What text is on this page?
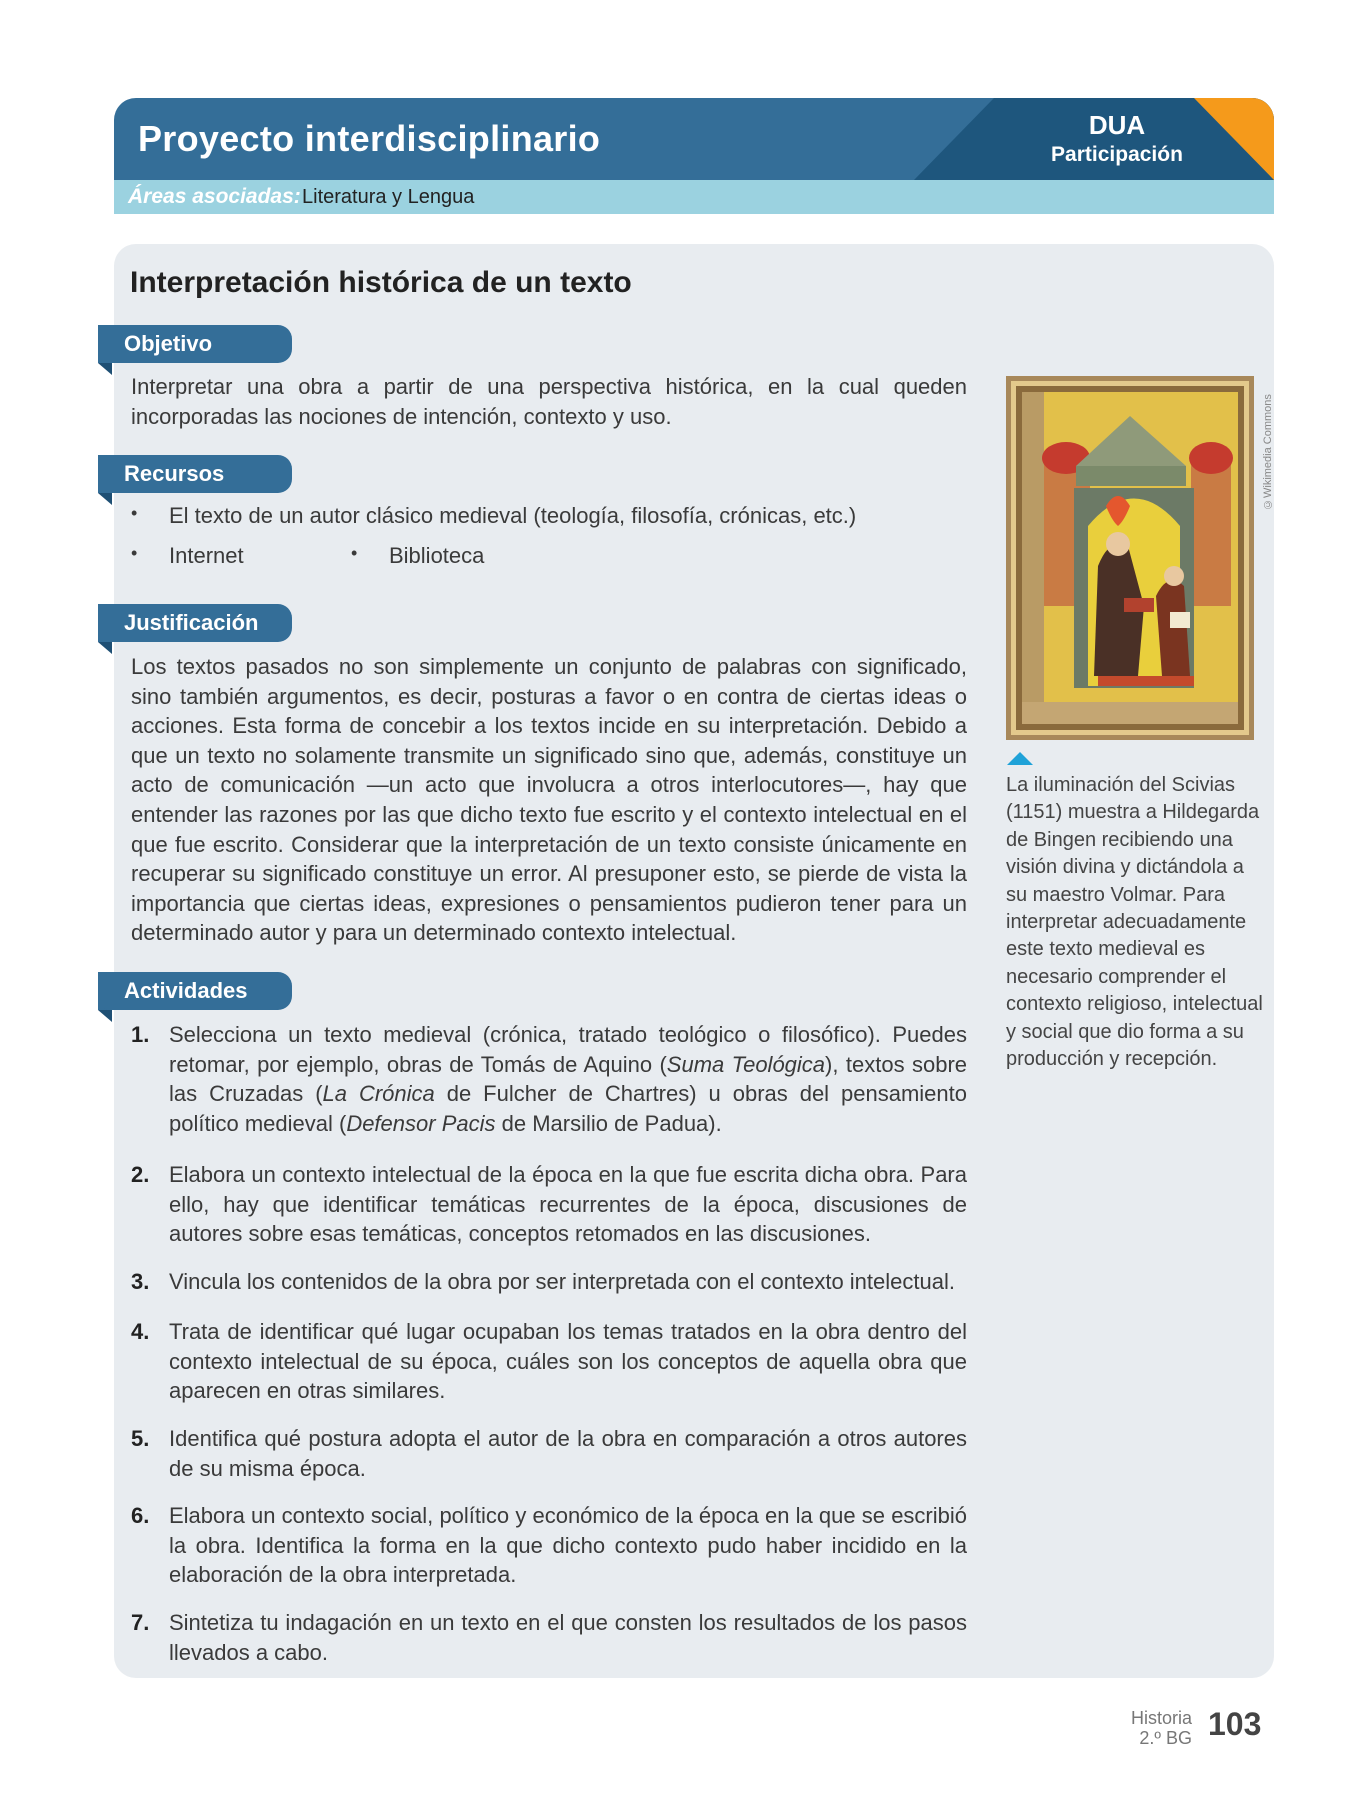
Proyecto interdisciplinario	DUA
Participación
Áreas asociadas: Literatura y Lengua
Interpretación histórica de un texto
Objetivo
Interpretar una obra a partir de una perspectiva histórica, en la cual queden incorporadas las nociones de intención, contexto y uso.
Recursos
• El texto de un autor clásico medieval (teología, filosofía, crónicas, etc.)
• Internet	• Biblioteca
Justificación
Los textos pasados no son simplemente un conjunto de palabras con significado, sino también argumentos, es decir, posturas a favor o en contra de ciertas ideas o acciones. Esta forma de concebir a los textos incide en su interpretación. Debido a que un texto no solamente transmite un significado sino que, además, constituye un acto de comunicación —un acto que involucra a otros interlocutores—, hay que entender las razones por las que dicho texto fue escrito y el contexto intelectual en el que fue escrito. Considerar que la interpretación de un texto consiste únicamente en recuperar su significado constituye un error. Al presuponer esto, se pierde de vista la importancia que ciertas ideas, expresiones o pensamientos pudieron tener para un determinado autor y para un determinado contexto intelectual.
Actividades
1. Selecciona un texto medieval (crónica, tratado teológico o filosófico). Puedes retomar, por ejemplo, obras de Tomás de Aquino (Suma Teológica), textos sobre las Cruzadas (La Crónica de Fulcher de Chartres) u obras del pensamiento político medieval (Defensor Pacis de Marsilio de Padua).
2. Elabora un contexto intelectual de la época en la que fue escrita dicha obra. Para ello, hay que identificar temáticas recurrentes de la época, discusiones de autores sobre esas temáticas, conceptos retomados en las discusiones.
3. Vincula los contenidos de la obra por ser interpretada con el contexto intelectual.
4. Trata de identificar qué lugar ocupaban los temas tratados en la obra dentro del contexto intelectual de su época, cuáles son los conceptos de aquella obra que aparecen en otras similares.
5. Identifica qué postura adopta el autor de la obra en comparación a otros autores de su misma época.
6. Elabora un contexto social, político y económico de la época en la que se escribió la obra. Identifica la forma en la que dicho contexto pudo haber incidido en la elaboración de la obra interpretada.
7. Sintetiza tu indagación en un texto en el que consten los resultados de los pasos llevados a cabo.
©Wikimedia Commons
La iluminación del Scivias (1151) muestra a Hildegarda de Bingen recibiendo una visión divina y dictándola a su maestro Volmar. Para interpretar adecuadamente este texto medieval es necesario comprender el contexto religioso, intelectual y social que dio forma a su producción y recepción.
Historia
2.º BG 103
